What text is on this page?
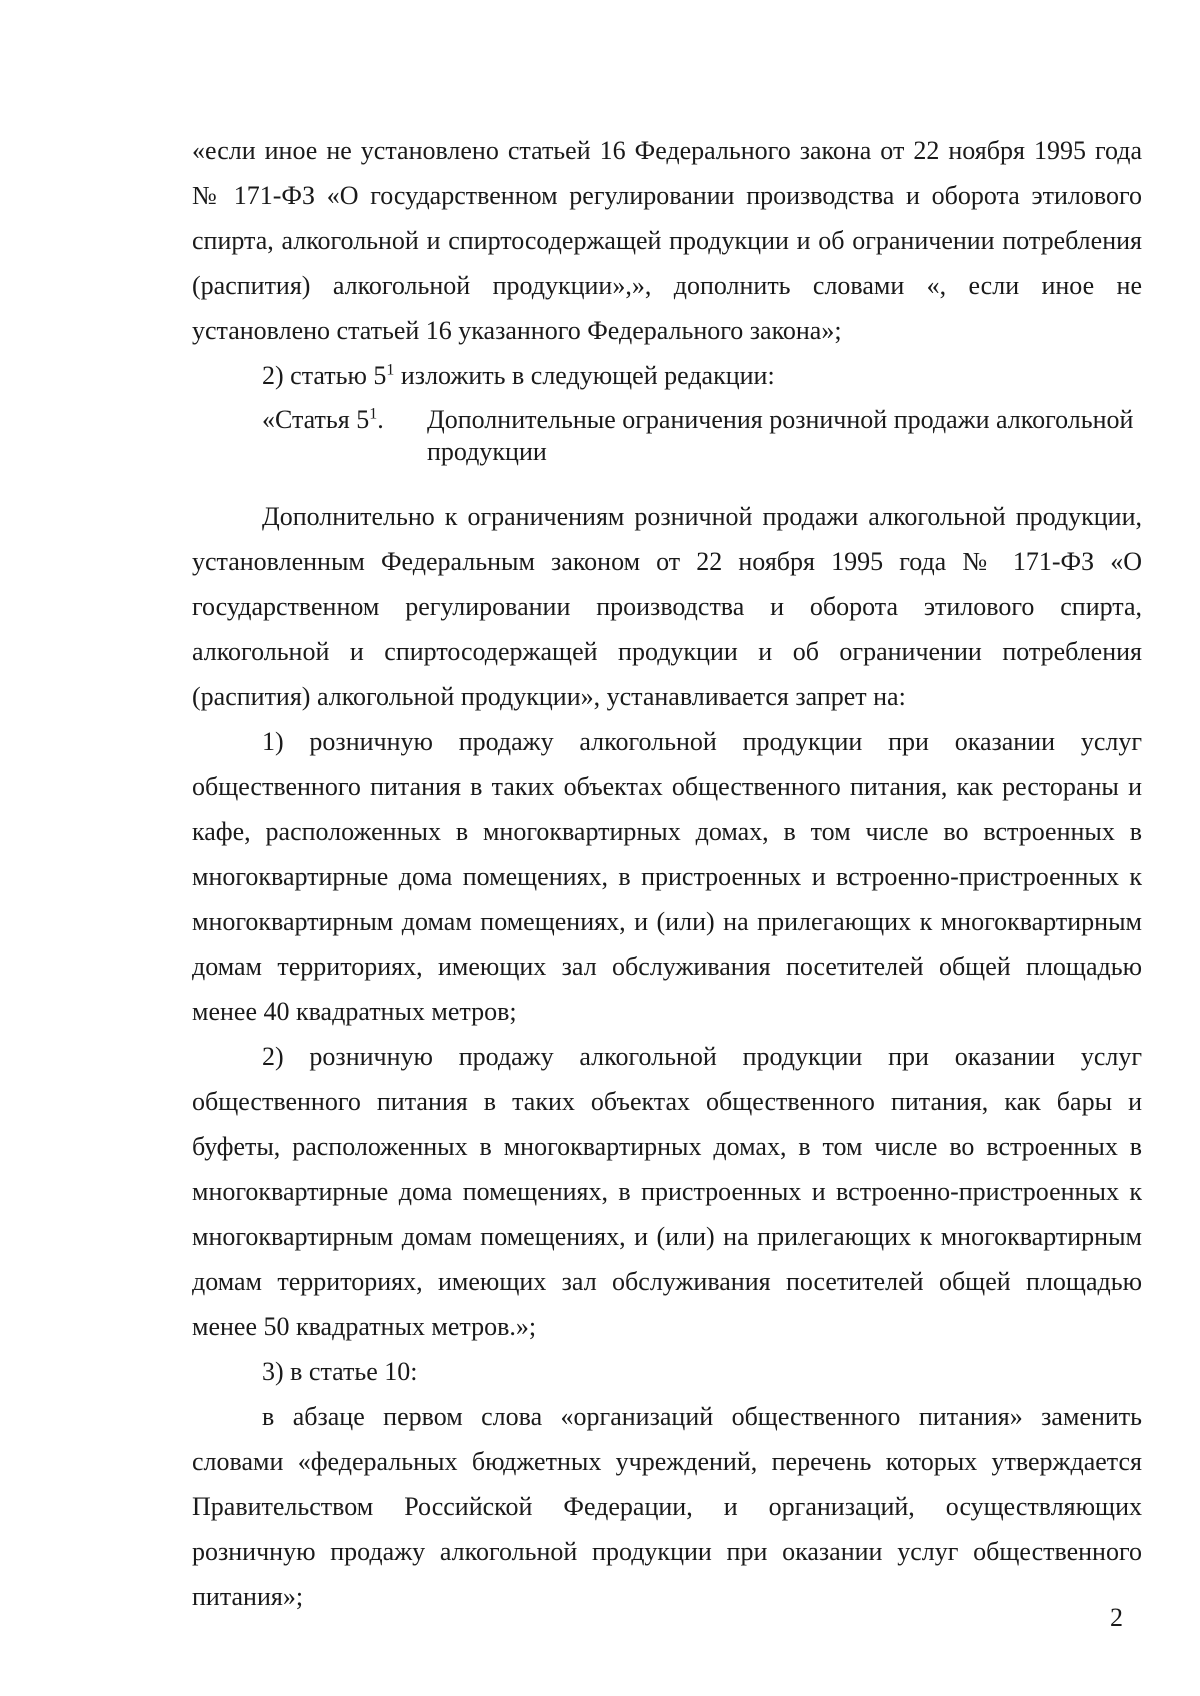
«если иное не установлено статьей 16 Федерального закона от 22 ноября 1995 года № 171-ФЗ «О государственном регулировании производства и оборота этилового спирта, алкогольной и спиртосодержащей продукции и об ограничении потребления (распития) алкогольной продукции»,», дополнить словами «, если иное не установлено статьей 16 указанного Федерального закона»;

2) статью $5^1$ изложить в следующей редакции:

«Статья $5^1$.	Дополнительные ограничения розничной продажи алкогольной продукции

Дополнительно к ограничениям розничной продажи алкогольной продукции, установленным Федеральным законом от 22 ноября 1995 года № 171-ФЗ «О государственном регулировании производства и оборота этилового спирта, алкогольной и спиртосодержащей продукции и об ограничении потребления (распития) алкогольной продукции», устанавливается запрет на:

1) розничную продажу алкогольной продукции при оказании услуг общественного питания в таких объектах общественного питания, как рестораны и кафе, расположенных в многоквартирных домах, в том числе во встроенных в многоквартирные дома помещениях, в пристроенных и встроенно-пристроенных к многоквартирным домам помещениях, и (или) на прилегающих к многоквартирным домам территориях, имеющих зал обслуживания посетителей общей площадью менее 40 квадратных метров;

2) розничную продажу алкогольной продукции при оказании услуг общественного питания в таких объектах общественного питания, как бары и буфеты, расположенных в многоквартирных домах, в том числе во встроенных в многоквартирные дома помещениях, в пристроенных и встроенно-пристроенных к многоквартирным домам помещениях, и (или) на прилегающих к многоквартирным домам территориях, имеющих зал обслуживания посетителей общей площадью менее 50 квадратных метров.»;

3) в статье 10:

в абзаце первом слова «организаций общественного питания» заменить словами «федеральных бюджетных учреждений, перечень которых утверждается Правительством Российской Федерации, и организаций, осуществляющих розничную продажу алкогольной продукции при оказании услуг общественного питания»;

2
